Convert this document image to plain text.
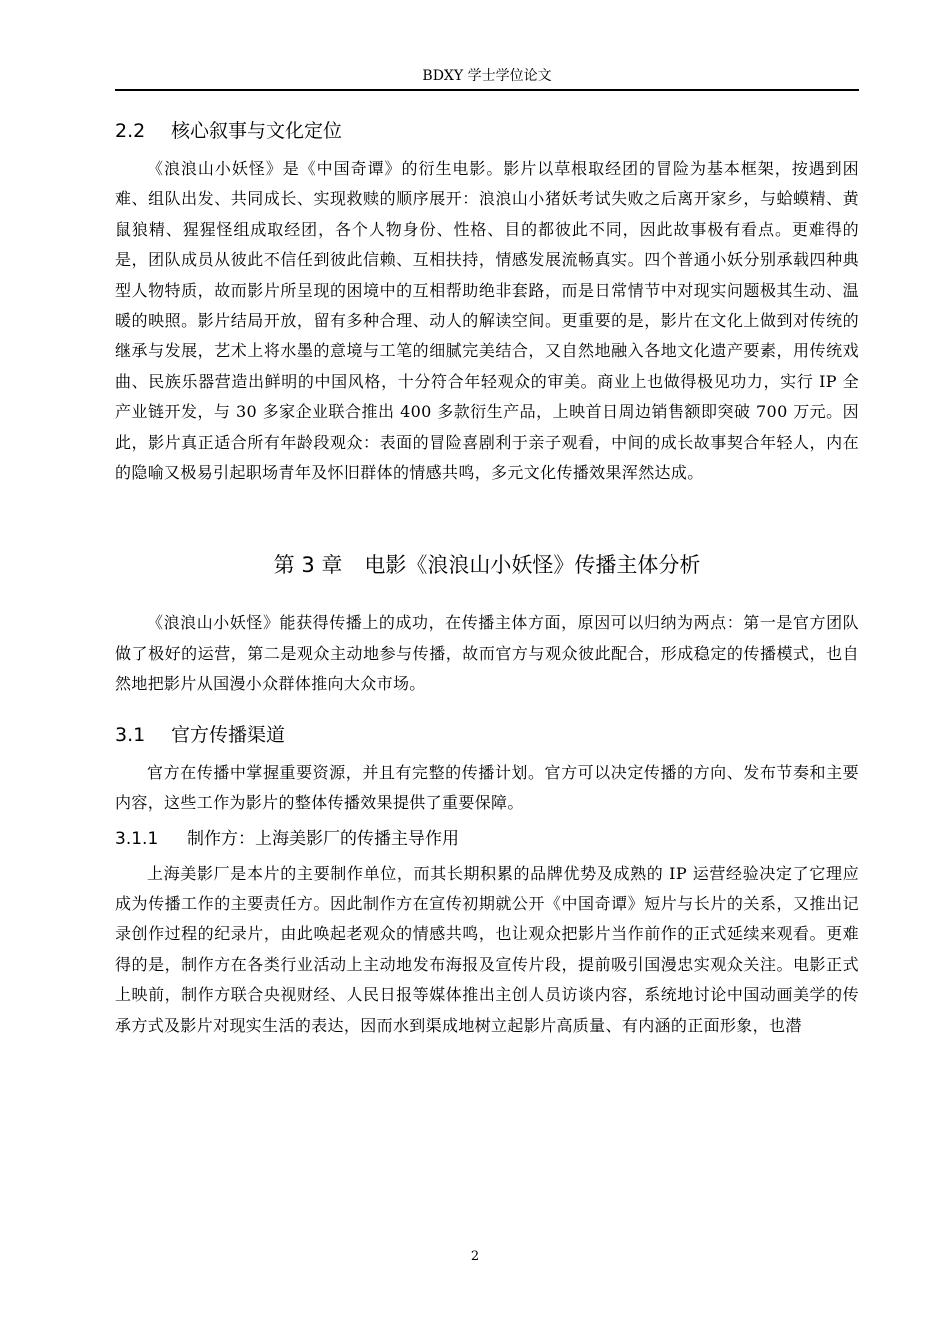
BDXY 学士学位论文
2.2	核心叙事与文化定位

《浪浪山小妖怪》是《中国奇谭》的衍生电影。影片以草根取经团的冒险为基本框架，按遇到困难、组队出发、共同成长、实现救赎的顺序展开：浪浪山小猪妖考试失败之后离开家乡，与蛤蟆精、黄鼠狼精、猩猩怪组成取经团，各个人物身份、性格、目的都彼此不同，因此故事极有看点。更难得的是，团队成员从彼此不信任到彼此信赖、互相扶持，情感发展流畅真实。四个普通小妖分别承载四种典型人物特质，故而影片所呈现的困境中的互相帮助绝非套路，而是日常情节中对现实问题极其生动、温暖的映照。影片结局开放，留有多种合理、动人的解读空间。更重要的是，影片在文化上做到对传统的继承与发展，艺术上将水墨的意境与工笔的细腻完美结合，又自然地融入各地文化遗产要素，用传统戏曲、民族乐器营造出鲜明的中国风格，十分符合年轻观众的审美。商业上也做得极见功力，实行 IP 全产业链开发，与 30 多家企业联合推出 400 多款衍生产品，上映首日周边销售额即突破 700 万元。因此，影片真正适合所有年龄段观众：表面的冒险喜剧利于亲子观看，中间的成长故事契合年轻人，内在的隐喻又极易引起职场青年及怀旧群体的情感共鸣，多元文化传播效果浑然达成。

第 3 章 电影《浪浪山小妖怪》传播主体分析

《浪浪山小妖怪》能获得传播上的成功，在传播主体方面，原因可以归纳为两点：第一是官方团队做了极好的运营，第二是观众主动地参与传播，故而官方与观众彼此配合，形成稳定的传播模式，也自然地把影片从国漫小众群体推向大众市场。

3.1	官方传播渠道

官方在传播中掌握重要资源，并且有完整的传播计划。官方可以决定传播的方向、发布节奏和主要内容，这些工作为影片的整体传播效果提供了重要保障。

3.1.1	制作方：上海美影厂的传播主导作用

上海美影厂是本片的主要制作单位，而其长期积累的品牌优势及成熟的 IP 运营经验决定了它理应成为传播工作的主要责任方。因此制作方在宣传初期就公开《中国奇谭》短片与长片的关系，又推出记录创作过程的纪录片，由此唤起老观众的情感共鸣，也让观众把影片当作前作的正式延续来观看。更难得的是，制作方在各类行业活动上主动地发布海报及宣传片段，提前吸引国漫忠实观众关注。电影正式上映前，制作方联合央视财经、人民日报等媒体推出主创人员访谈内容，系统地讨论中国动画美学的传承方式及影片对现实生活的表达，因而水到渠成地树立起影片高质量、有内涵的正面形象，也潜

2
